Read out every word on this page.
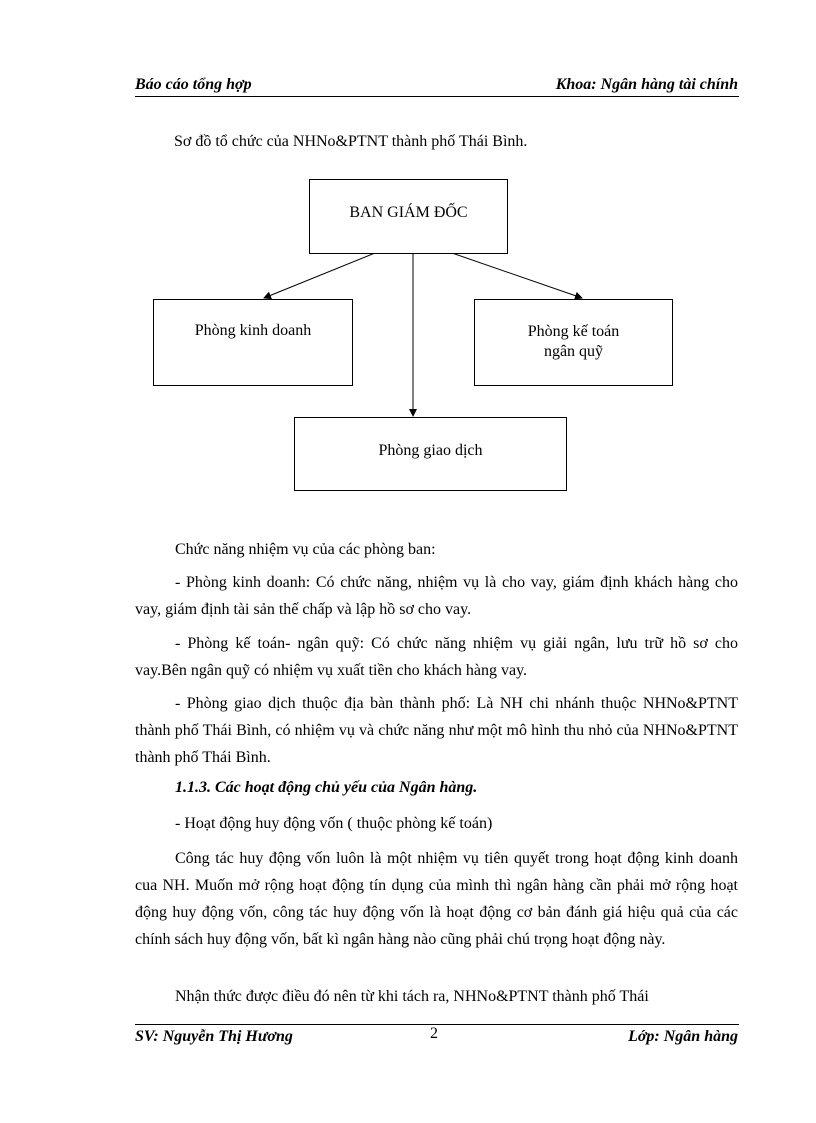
Báo cáo tổng hợp	Khoa: Ngân hàng tài chính
Sơ đồ tổ chức của NHNo&PTNT thành phố Thái Bình.
BAN GIÁM ĐỐC
Phòng kinh doanh	Phòng kế toán
ngân quỹ
Phòng giao dịch
Chức năng nhiệm vụ của các phòng ban:
- Phòng kinh doanh: Có chức năng, nhiệm vụ là cho vay, giám định khách hàng cho vay, giám định tài sản thế chấp và lập hồ sơ cho vay.
- Phòng kế toán- ngân quỹ: Có chức năng nhiệm vụ giải ngân, lưu trữ hồ sơ cho vay.Bên ngân quỹ có nhiệm vụ xuất tiền cho khách hàng vay.
- Phòng giao dịch thuộc địa bàn thành phố: Là NH chi nhánh thuộc NHNo&PTNT thành phố Thái Bình, có nhiệm vụ và chức năng như một mô hình thu nhỏ của NHNo&PTNT thành phố Thái Bình.
1.1.3. Các hoạt động chủ yếu của Ngân hàng.
- Hoạt động huy động vốn ( thuộc phòng kế toán)
Công tác huy động vốn luôn là một nhiệm vụ tiên quyết trong hoạt động kinh doanh cua NH. Muốn mở rộng hoạt động tín dụng của mình thì ngân hàng cần phải mở rộng hoạt động huy động vốn, công tác huy động vốn là hoạt động cơ bản đánh giá hiệu quả của các chính sách huy động vốn, bất kì ngân hàng nào cũng phải chú trọng hoạt động này.
Nhận thức được điều đó nên từ khi tách ra, NHNo&PTNT thành phố Thái
SV: Nguyễn Thị Hương	2	Lớp: Ngân hàng
